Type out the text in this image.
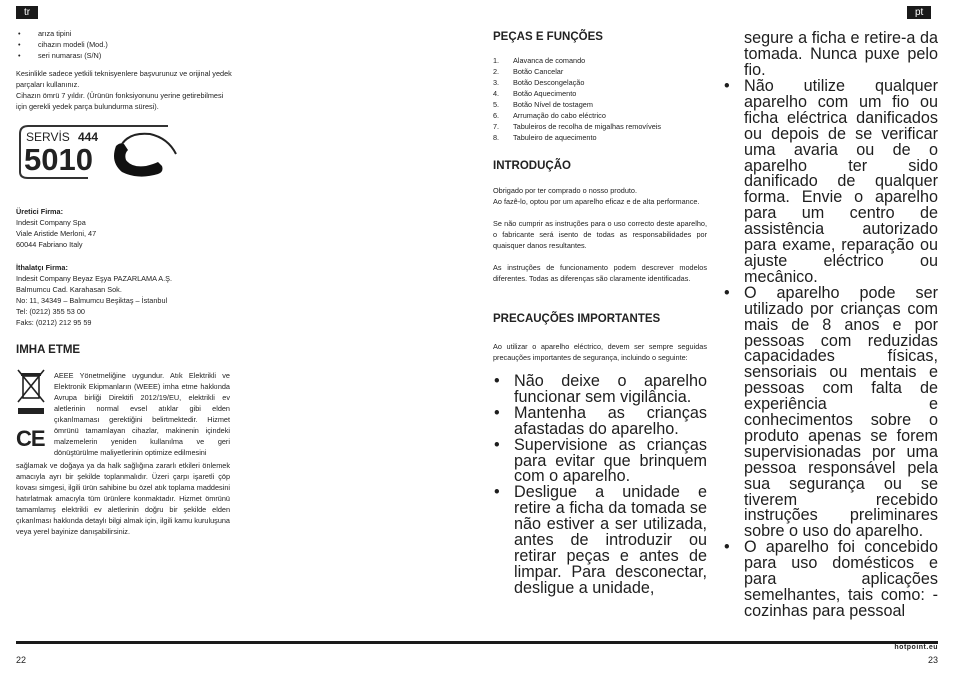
tr
• arıza tipini
• cihazın modeli (Mod.)
• seri numarası (S/N)
Kesinlikle sadece yetkili teknisyenlere başvurunuz ve orijinal yedek parçaları kullanınız.
Cihazın ömrü 7 yıldır. (Ürünün fonksiyonunu yerine getirebilmesi için gerekli yedek parça bulundurma süresi).
SERVİS 444
5010
Üretici Firma:
Indesit Company Spa
Viale Aristide Merloni, 47
60044 Fabriano Italy
İthalatçı Firma:
Indesit Company Beyaz Eşya PAZARLAMA A.Ş.
Balmumcu Cad. Karahasan Sok.
No: 11, 34349 – Balmumcu Beşiktaş – İstanbul
Tel: (0212) 355 53 00
Faks: (0212) 212 95 59
IMHA ETME
C​E
AEEE Yönetmeliğine uygundur. Atık Elektrikli ve Elektronik Ekipmanların (WEEE) imha etme hakkında Avrupa birliği Direktifi 2012/19/EU, elektrikli ev aletlerinin normal evsel atıklar gibi elden çıkarılmaması gerektiğini belirtmektedir. Hizmet ömrünü tamamlayan cihazlar, makinenin içindeki malzemelerin yeniden kullanılma ve geri dönüştürülme maliyetlerinin optimize edilmesini
sağlamak ve doğaya ya da halk sağlığına zararlı etkileri önlemek amacıyla ayrı bir şekilde toplanmalıdır. Üzeri çarpı işaretli çöp kovası simgesi, ilgili ürün sahibine bu özel atık toplama maddesini hatırlatmak amacıyla tüm ürünlere konmaktadır. Hizmet ömrünü tamamlamış elektrikli ev aletlerinin doğru bir şekilde elden çıkarılması hakkında detaylı bilgi almak için, ilgili kamu kuruluşuna veya yerel bayinize danışabilirsiniz.
pt
PEÇAS E FUNÇÕES
1. Alavanca de comando
2. Botão Cancelar
3. Botão Descongelação
4. Botão Aquecimento
5. Botão Nível de tostagem
6. Arrumação do cabo eléctrico
7. Tabuleiros de recolha de migalhas removíveis
8. Tabuleiro de aquecimento
INTRODUÇÃO
Obrigado por ter comprado o nosso produto.
Ao fazê-lo, optou por um aparelho eficaz e de alta performance.
Se não cumprir as instruções para o uso correcto deste aparelho, o fabricante será isento de todas as responsabilidades por quaisquer danos resultantes.
As instruções de funcionamento podem descrever modelos diferentes. Todas as diferenças são claramente identificadas.
PRECAUÇÕES IMPORTANTES
Ao utilizar o aparelho eléctrico, devem ser sempre seguidas precauções importantes de segurança, incluindo o seguinte:
• Não deixe o aparelho funcionar sem vigilância.
• Mantenha as crianças afastadas do aparelho.
• Supervisione as crianças para evitar que brinquem com o aparelho.
• Desligue a unidade e retire a ficha da tomada se não estiver a ser utilizada, antes de introduzir ou retirar peças e antes de limpar. Para desconectar, desligue a unidade,
segure a ficha e retire-a da tomada. Nunca puxe pelo fio.
• Não utilize qualquer aparelho com um fio ou ficha eléctrica danificados ou depois de se verificar uma avaria ou de o aparelho ter sido danificado de qualquer forma. Envie o aparelho para um centro de assistência autorizado para exame, reparação ou ajuste eléctrico ou mecânico.
• O aparelho pode ser utilizado por crianças com mais de 8 anos e por pessoas com reduzidas capacidades físicas, sensoriais ou mentais e pessoas com falta de experiência e conhecimentos sobre o produto apenas se forem supervisionadas por uma pessoa responsável pela sua segurança ou se tiverem recebido instruções preliminares sobre o uso do aparelho.
• O aparelho foi concebido para uso domésticos e para aplicações semelhantes, tais como: - cozinhas para pessoal
hotpoint.eu
22	23
